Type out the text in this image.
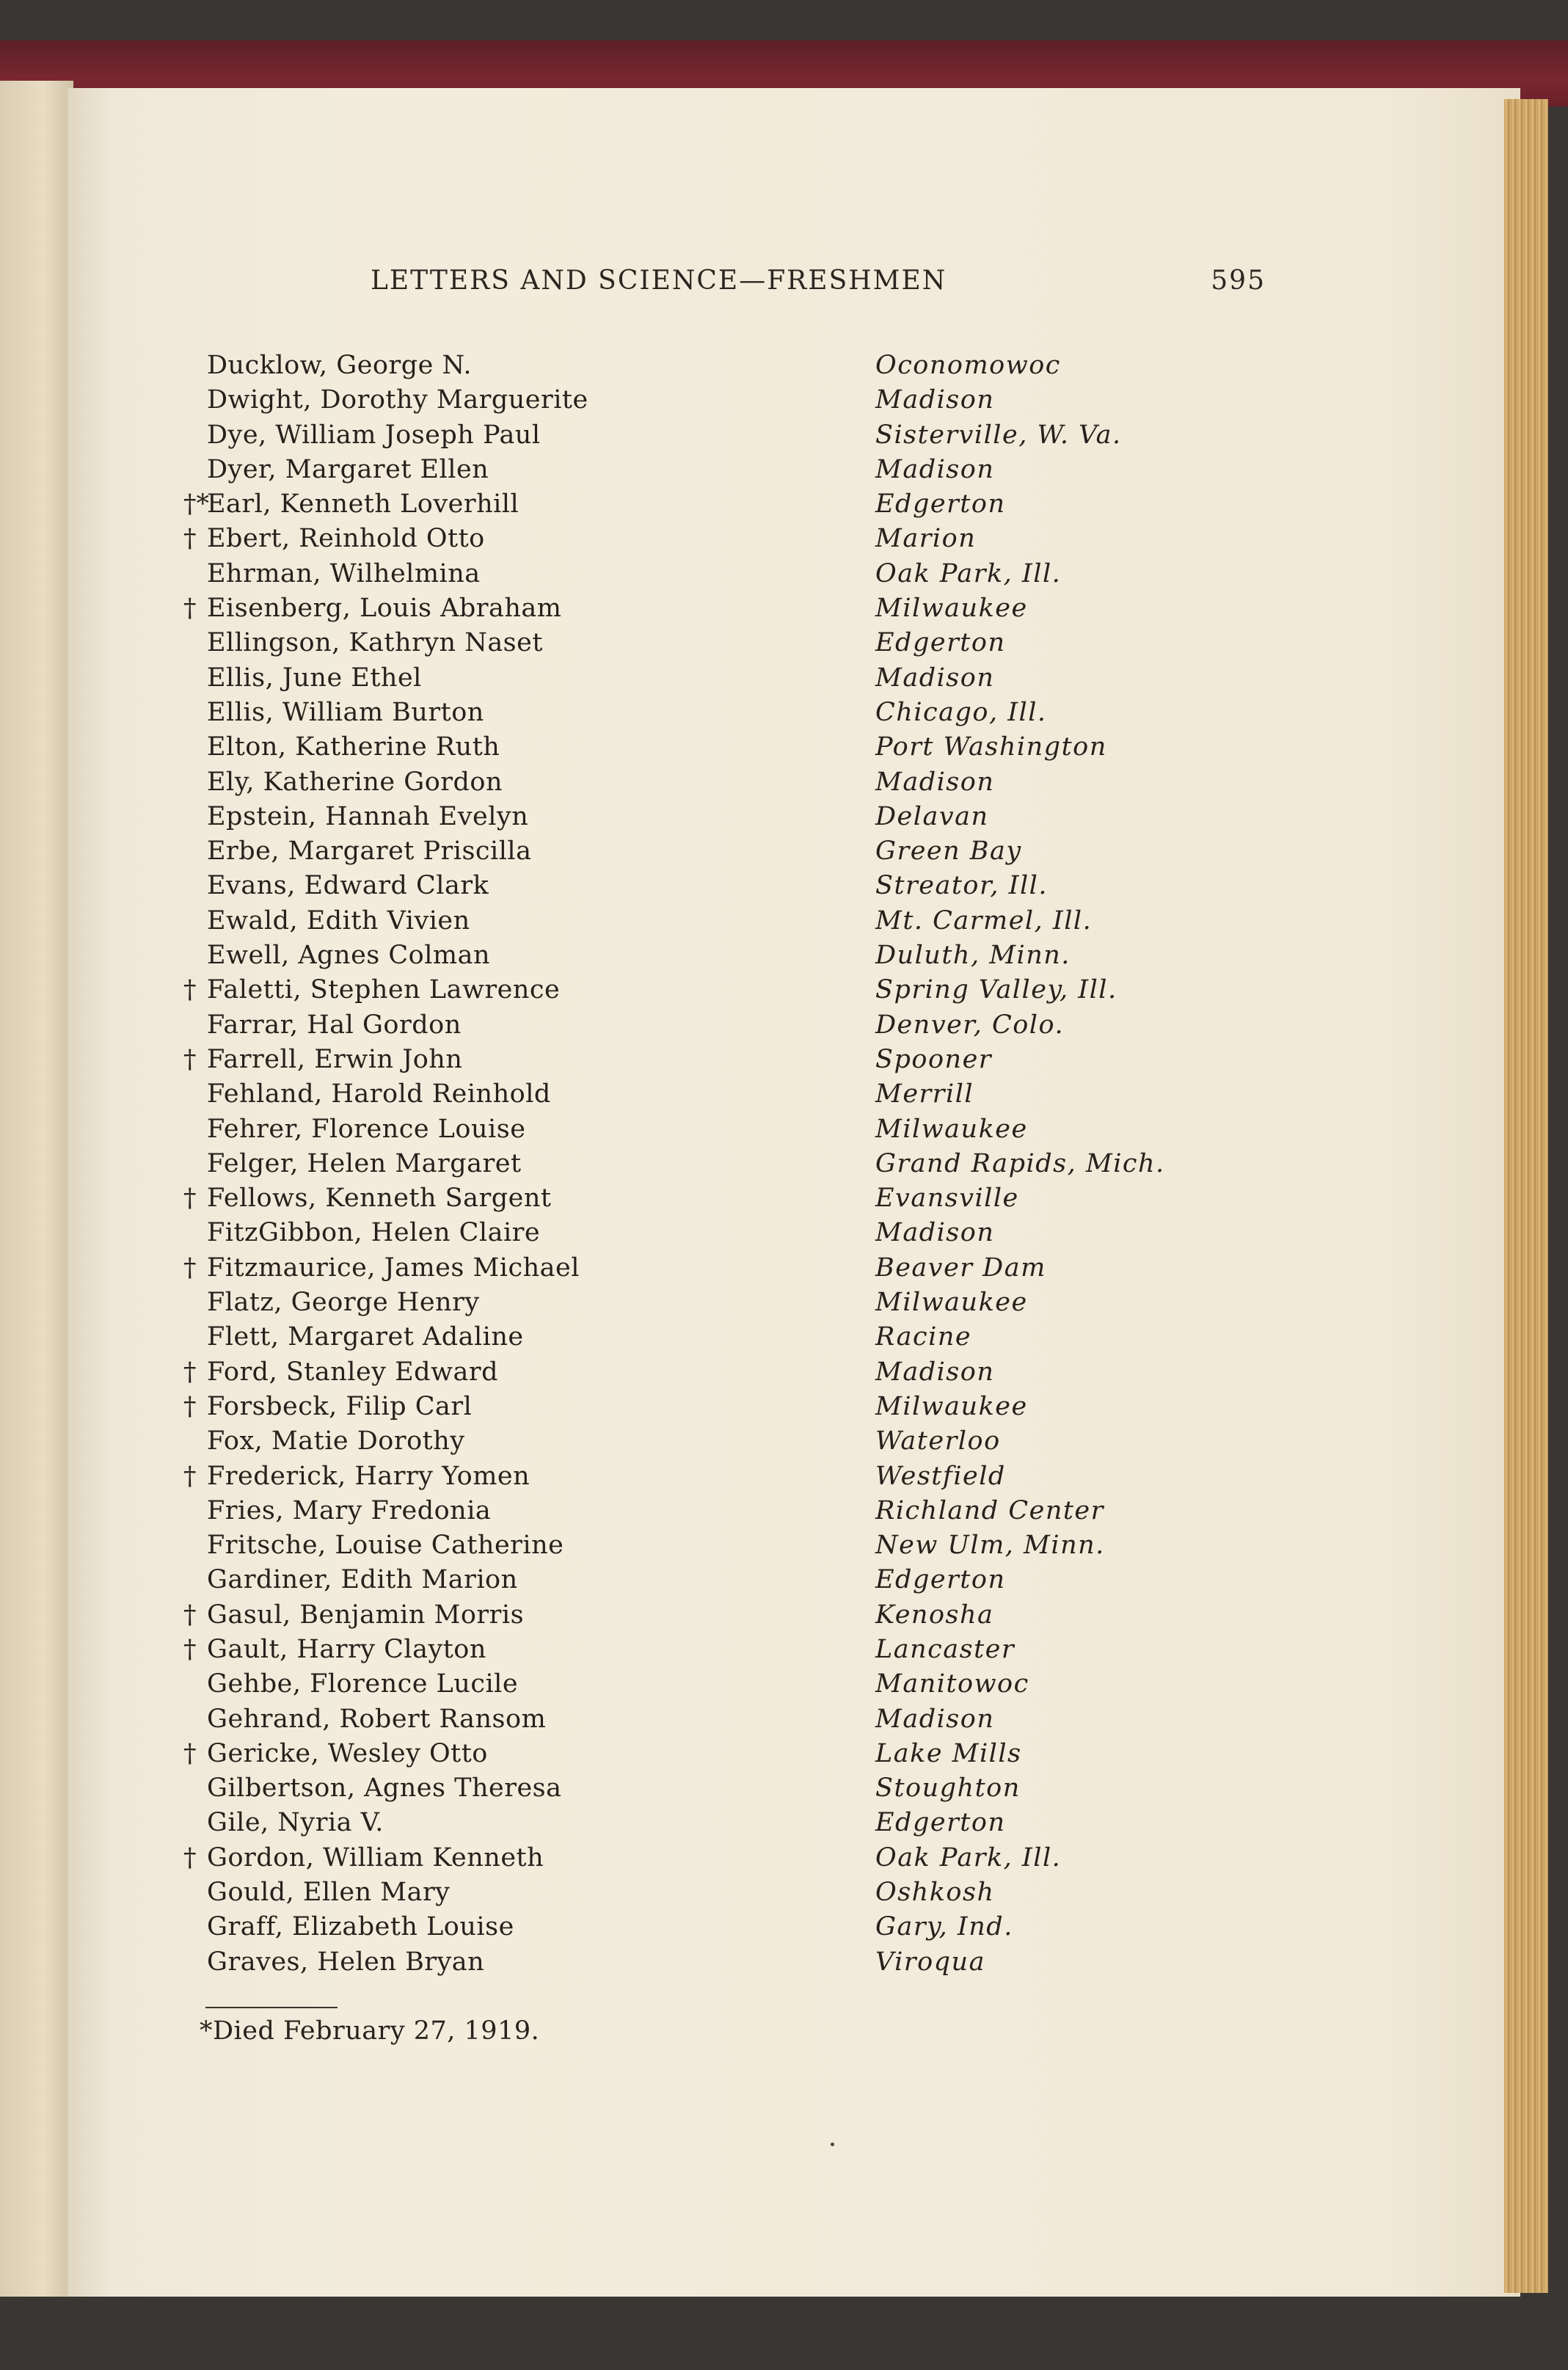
LETTERS AND SCIENCE—FRESHMEN	595
Ducklow, George N.	Oconomowoc
Dwight, Dorothy Marguerite	Madison
Dye, William Joseph Paul	Sisterville, W. Va.
Dyer, Margaret Ellen	Madison
†*
Earl, Kenneth Loverhill	Edgerton
† Ebert, Reinhold Otto	Marion
Ehrman, Wilhelmina	Oak Park, Ill.
† Eisenberg, Louis Abraham	Milwaukee
Ellingson, Kathryn Naset	Edgerton
Ellis, June Ethel	Madison
Ellis, William Burton	Chicago, Ill.
Elton, Katherine Ruth	Port Washington
Ely, Katherine Gordon	Madison
Epstein, Hannah Evelyn	Delavan
Erbe, Margaret Priscilla	Green Bay
Evans, Edward Clark	Streator, Ill.
Ewald, Edith Vivien	Mt. Carmel, Ill.
Ewell, Agnes Colman	Duluth, Minn.
† Faletti, Stephen Lawrence	Spring Valley, Ill.
Farrar, Hal Gordon	Denver, Colo.
† Farrell, Erwin John	Spooner
Fehland, Harold Reinhold	Merrill
Fehrer, Florence Louise	Milwaukee
Felger, Helen Margaret	Grand Rapids, Mich.
† Fellows, Kenneth Sargent	Evansville
FitzGibbon, Helen Claire	Madison
† Fitzmaurice, James Michael	Beaver Dam
Flatz, George Henry	Milwaukee
Flett, Margaret Adaline	Racine
† Ford, Stanley Edward	Madison
† Forsbeck, Filip Carl	Milwaukee
Fox, Matie Dorothy	Waterloo
† Frederick, Harry Yomen	Westfield
Fries, Mary Fredonia	Richland Center
Fritsche, Louise Catherine	New Ulm, Minn.
Gardiner, Edith Marion	Edgerton
† Gasul, Benjamin Morris	Kenosha
† Gault, Harry Clayton	Lancaster
Gehbe, Florence Lucile	Manitowoc
Gehrand, Robert Ransom	Madison
† Gericke, Wesley Otto	Lake Mills
Gilbertson, Agnes Theresa	Stoughton
Gile, Nyria V.	Edgerton
† Gordon, William Kenneth	Oak Park, Ill.
Gould, Ellen Mary	Oshkosh
Graff, Elizabeth Louise	Gary, Ind.
Graves, Helen Bryan	Viroqua
*Died February 27, 1919.
